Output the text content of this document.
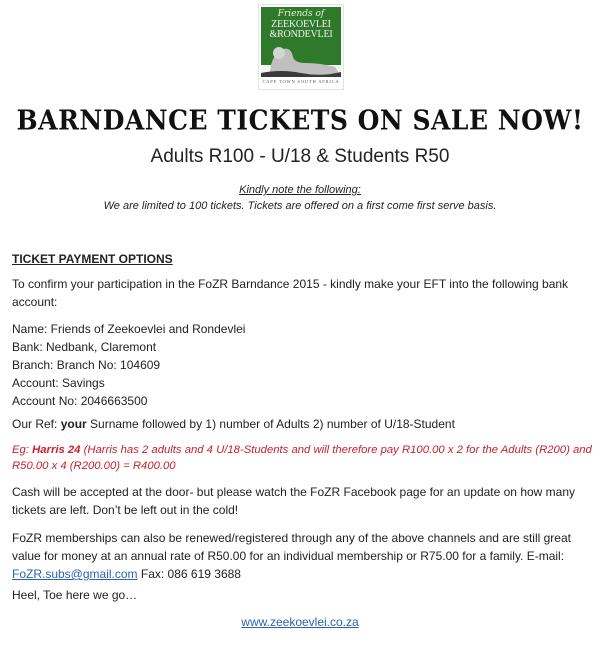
Friends of
ZEEKOEVLEI
&RONDEVLEI
CAPE TOWN SOUTH AFRICA
BARNDANCE TICKETS ON SALE NOW!
Adults R100 - U/18 & Students R50
Kindly note the following:
We are limited to 100 tickets. Tickets are offered on a first come first serve basis.
TICKET PAYMENT OPTIONS
To confirm your participation in the FoZR Barndance 2015 - kindly make your EFT into the following bank account:
Name: Friends of Zeekoevlei and Rondevlei
Bank: Nedbank, Claremont
Branch: Branch No: 104609
Account: Savings
Account No: 2046663500
Our Ref: your Surname followed by 1) number of Adults 2) number of U/18-Student
Eg: Harris 24 (Harris has 2 adults and 4 U/18-Students and will therefore pay R100.00 x 2 for the Adults (R200) and R50.00 x 4 (R200.00) = R400.00
Cash will be accepted at the door- but please watch the FoZR Facebook page for an update on how many tickets are left. Don’t be left out in the cold!
FoZR memberships can also be renewed/registered through any of the above channels and are still great value for money at an annual rate of R50.00 for an individual membership or R75.00 for a family. E-mail: FoZR.subs@gmail.com Fax: 086 619 3688
Heel, Toe here we go…
www.zeekoevlei.co.za
